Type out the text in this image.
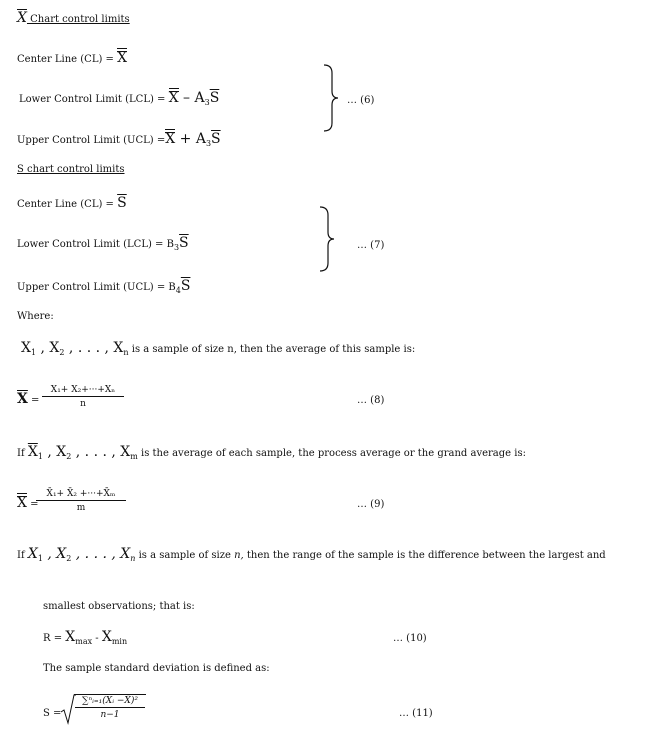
$\overline{X}$ Chart control limits
Center Line (CL) = X
Lower Control Limit $(LCL) = X - A_3\overline{S}$
Upper Control Limit $(UCL) =X + A_3\overline{S}$
… (6)
S chart control limits
Center Line $(CL) = \overline{S}$
Lower Control Limit $(LCL) = B_3\overline{S}$
Upper Control Limit $(UCL) = B_4\overline{S}$
… (7)
Where:
$X_1$ , $X_2$ , . . . , $X_n$ is a sample of size n, then the average of this sample is:
$\overline{X} = \frac{\text{X₁+ X₂+···+Xₙ}}{n}$	… (8)
If $\overline{X}_1$ , $X_2$ , . . . , $X_m$ is the average of each sample, the process average or the grand average is:
X =
$\frac{\text{X̄₁+ X̄₂ +···+X̄ₘ}}{m}$	… (9)
If $X_1$ , $X_2$ , . . . , $X_n$ is a sample of size n, then the range of the sample is the difference between the largest and
smallest observations; that is:
$R = X_{max} - X_{min}$	… (10)
The sample standard deviation is defined as:
$S = \frac{\text{∑ⁿᵢ₌₁(Xᵢ −X̄)²}}{n-1}$	… (11)
